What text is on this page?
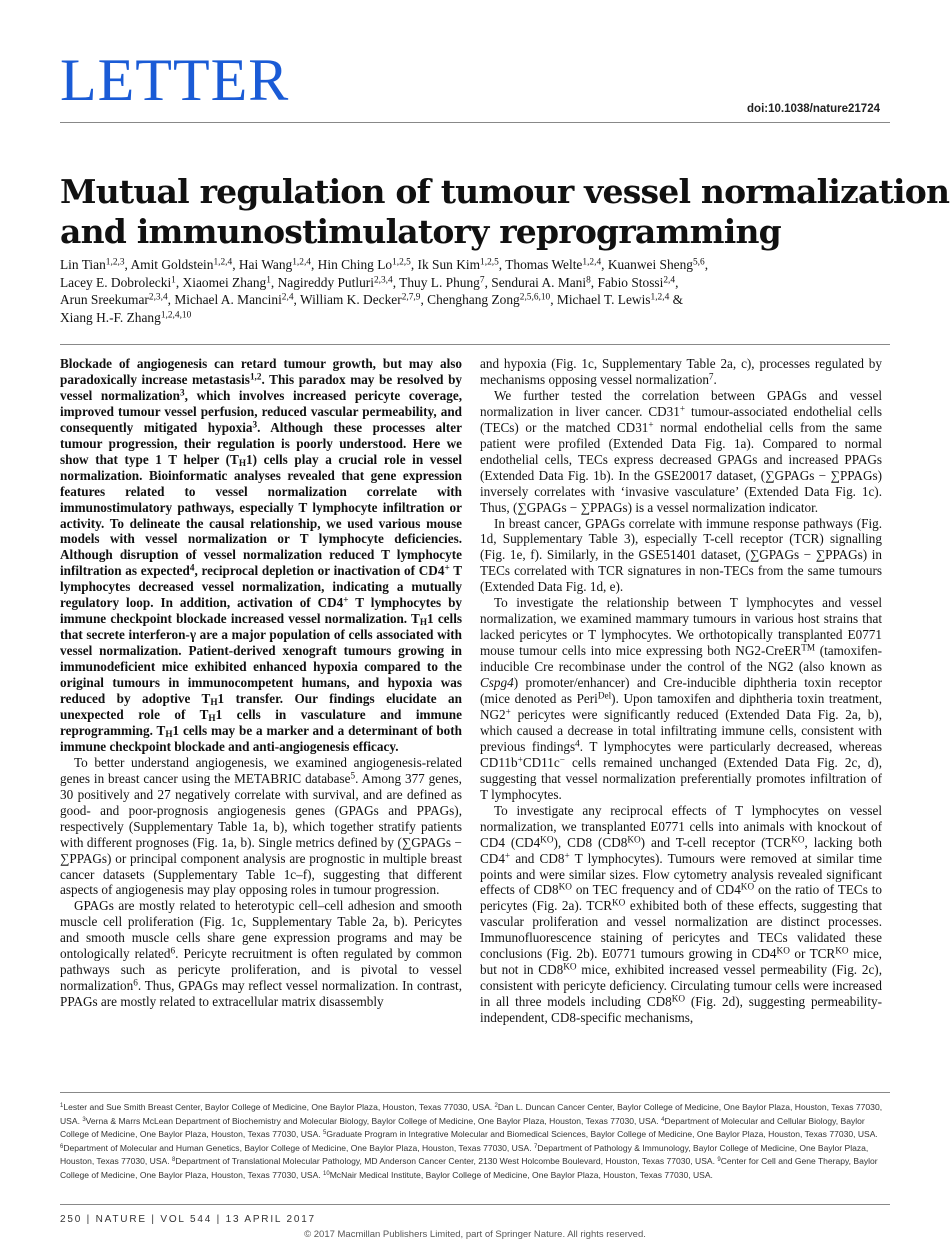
LETTER	doi:10.1038/nature21724
Mutual regulation of tumour vessel normalization
and immunostimulatory reprogramming
Lin Tian$^{1,2,3}$, Amit Goldstein$^{1,2,4}$, Hai Wang$^{1,2,4}$, Hin Ching Lo$^{1,2,5}$, Ik Sun Kim$^{1,2,5}$, Thomas Welte$^{1,2,4}$, Kuanwei Sheng$^{5,6}$,
Lacey E. Dobrolecki$^1$, Xiaomei Zhang$^1$, Nagireddy Putluri$^{2,3,4}$, Thuy L. Phung$^7$, Sendurai A. Mani$^8$, Fabio Stossi$^{2,4}$,
Arun Sreekumar$^{2,3,4}$, Michael A. Mancini$^{2,4}$, William K. Decker$^{2,7,9}$, Chenghang Zong$^{2,5,6,10}$, Michael T. Lewis$^{1,2,4}$ &
Xiang H.-F. Zhang$^{1,2,4,10}$

Blockade of angiogenesis can retard tumour growth, but may also paradoxically increase metastasis$^{1,2}$. This paradox may be resolved by vessel normalization$^3$, which involves increased pericyte coverage, improved tumour vessel perfusion, reduced vascular permeability, and consequently mitigated hypoxia$^3$. Although these processes alter tumour progression, their regulation is poorly understood. Here we show that type 1 T helper $(T_H1)$ cells play a crucial role in vessel normalization. Bioinformatic analyses revealed that gene expression features related to vessel normalization correlate with immunostimulatory pathways, especially T lymphocyte infiltration or activity. To delineate the causal relationship, we used various mouse models with vessel normalization or T lymphocyte deficiencies. Although disruption of vessel normalization reduced T lymphocyte infiltration as expected$^4$, reciprocal depletion or inactivation of CD4+ T lymphocytes decreased vessel normalization, indicating a mutually regulatory loop. In addition, activation of CD4+ T lymphocytes by immune checkpoint blockade increased vessel normalization. $T_H1$ cells that secrete interferon-γ are a major population of cells associated with vessel normalization. Patient-derived xenograft tumours growing in immunodeficient mice exhibited enhanced hypoxia compared to the original tumours in immunocompetent humans, and hypoxia was reduced by adoptive $T_H1$ transfer. Our findings elucidate an unexpected role of $T_H1$ cells in vasculature and immune reprogramming. $T_H1$ cells may be a marker and a determinant of both immune checkpoint blockade and anti-angiogenesis efficacy.

To better understand angiogenesis, we examined angiogenesis-related genes in breast cancer using the METABRIC database$^5$. Among 377 genes, 30 positively and 27 negatively correlate with survival, and are defined as good- and poor-prognosis angiogenesis genes (GPAGs and PPAGs), respectively (Supplementary Table 1a, b), which together stratify patients with different prognoses (Fig. 1a, b). Single metrics defined by (∑GPAGs − ∑PPAGs) or principal component analysis are prognostic in multiple breast cancer datasets (Supplementary Table 1c–f), suggesting that different aspects of angiogenesis may play opposing roles in tumour progression.

GPAGs are mostly related to heterotypic cell–cell adhesion and smooth muscle cell proliferation (Fig. 1c, Supplementary Table 2a, b). Pericytes and smooth muscle cells share gene expression programs and may be ontologically related$^6$. Pericyte recruitment is often regulated by common pathways such as pericyte proliferation, and is pivotal to vessel normalization$^6$. Thus, GPAGs may reflect vessel normalization. In contrast, PPAGs are mostly related to extracellular matrix disassembly

and hypoxia (Fig. 1c, Supplementary Table 2a, c), processes regulated by mechanisms opposing vessel normalization$^7$.

We further tested the correlation between GPAGs and vessel normalization in liver cancer. CD31+ tumour-associated endothelial cells (TECs) or the matched CD31+ normal endothelial cells from the same patient were profiled (Extended Data Fig. 1a). Compared to normal endothelial cells, TECs express decreased GPAGs and increased PPAGs (Extended Data Fig. 1b). In the GSE20017 dataset, (∑GPAGs − ∑PPAGs) inversely correlates with ‘invasive vasculature’ (Extended Data Fig. 1c). Thus, (∑GPAGs − ∑PPAGs) is a vessel normalization indicator.

In breast cancer, GPAGs correlate with immune response pathways (Fig. 1d, Supplementary Table 3), especially T-cell receptor (TCR) signalling (Fig. 1e, f). Similarly, in the GSE51401 dataset, (∑GPAGs − ∑PPAGs) in TECs correlated with TCR signatures in non-TECs from the same tumours (Extended Data Fig. 1d, e).

To investigate the relationship between T lymphocytes and vessel normalization, we examined mammary tumours in various host strains that lacked pericytes or T lymphocytes. We orthotopically transplanted E0771 mouse tumour cells into mice expressing both NG2-CreER™ (tamoxifen-inducible Cre recombinase under the control of the NG2 (also known as Cspg4) promoter/enhancer) and Cre-inducible diphtheria toxin receptor (mice denoted as Peri$^{Del}$). Upon tamoxifen and diphtheria toxin treatment, NG2+ pericytes were significantly reduced (Extended Data Fig. 2a, b), which caused a decrease in total infiltrating immune cells, consistent with previous findings$^4$. T lymphocytes were particularly decreased, whereas CD11b+CD11c− cells remained unchanged (Extended Data Fig. 2c, d), suggesting that vessel normalization preferentially promotes infiltration of T lymphocytes.

To investigate any reciprocal effects of T lymphocytes on vessel normalization, we transplanted E0771 cells into animals with knockout of CD4 $(CD4^{KO})$, CD8 $(CD8^{KO})$ and T-cell receptor ($TCR^{KO}$, lacking both CD4+ and CD8+ T lymphocytes). Tumours were removed at similar time points and were similar sizes. Flow cytometry analysis revealed significant effects of $CD8^{KO}$ on TEC frequency and of $CD4^{KO}$ on the ratio of TECs to pericytes (Fig. 2a). $TCR^{KO}$ exhibited both of these effects, suggesting that vascular proliferation and vessel normalization are distinct processes. Immunofluorescence staining of pericytes and TECs validated these conclusions (Fig. 2b). E0771 tumours growing in $CD4^{KO}$ or $TCR^{KO}$ mice, but not in $CD8^{KO}$ mice, exhibited increased vessel permeability (Fig. 2c), consistent with pericyte deficiency. Circulating tumour cells were increased in all three models including $CD8^{KO}$ (Fig. 2d), suggesting permeability-independent, CD8-specific mechanisms,

$^1$Lester and Sue Smith Breast Center, Baylor College of Medicine, One Baylor Plaza, Houston, Texas 77030, USA. $^2$Dan L. Duncan Cancer Center, Baylor College of Medicine, One Baylor Plaza, Houston, Texas 77030, USA. $^3$Verna & Marrs McLean Department of Biochemistry and Molecular Biology, Baylor College of Medicine, One Baylor Plaza, Houston, Texas 77030, USA. $^4$Department of Molecular and Cellular Biology, Baylor College of Medicine, One Baylor Plaza, Houston, Texas 77030, USA. $^5$Graduate Program in Integrative Molecular and Biomedical Sciences, Baylor College of Medicine, One Baylor Plaza, Houston, Texas 77030, USA. $^6$Department of Molecular and Human Genetics, Baylor College of Medicine, One Baylor Plaza, Houston, Texas 77030, USA. $^7$Department of Pathology & Immunology, Baylor College of Medicine, One Baylor Plaza, Houston, Texas 77030, USA. $^8$Department of Translational Molecular Pathology, MD Anderson Cancer Center, 2130 West Holcombe Boulevard, Houston, Texas 77030, USA. $^9$Center for Cell and Gene Therapy, Baylor College of Medicine, One Baylor Plaza, Houston, Texas 77030, USA. $^{10}$McNair Medical Institute, Baylor College of Medicine, One Baylor Plaza, Houston, Texas 77030, USA.

250 | NATURE | VOL 544 | 13 APRIL 2017
© 2017 Macmillan Publishers Limited, part of Springer Nature. All rights reserved.
